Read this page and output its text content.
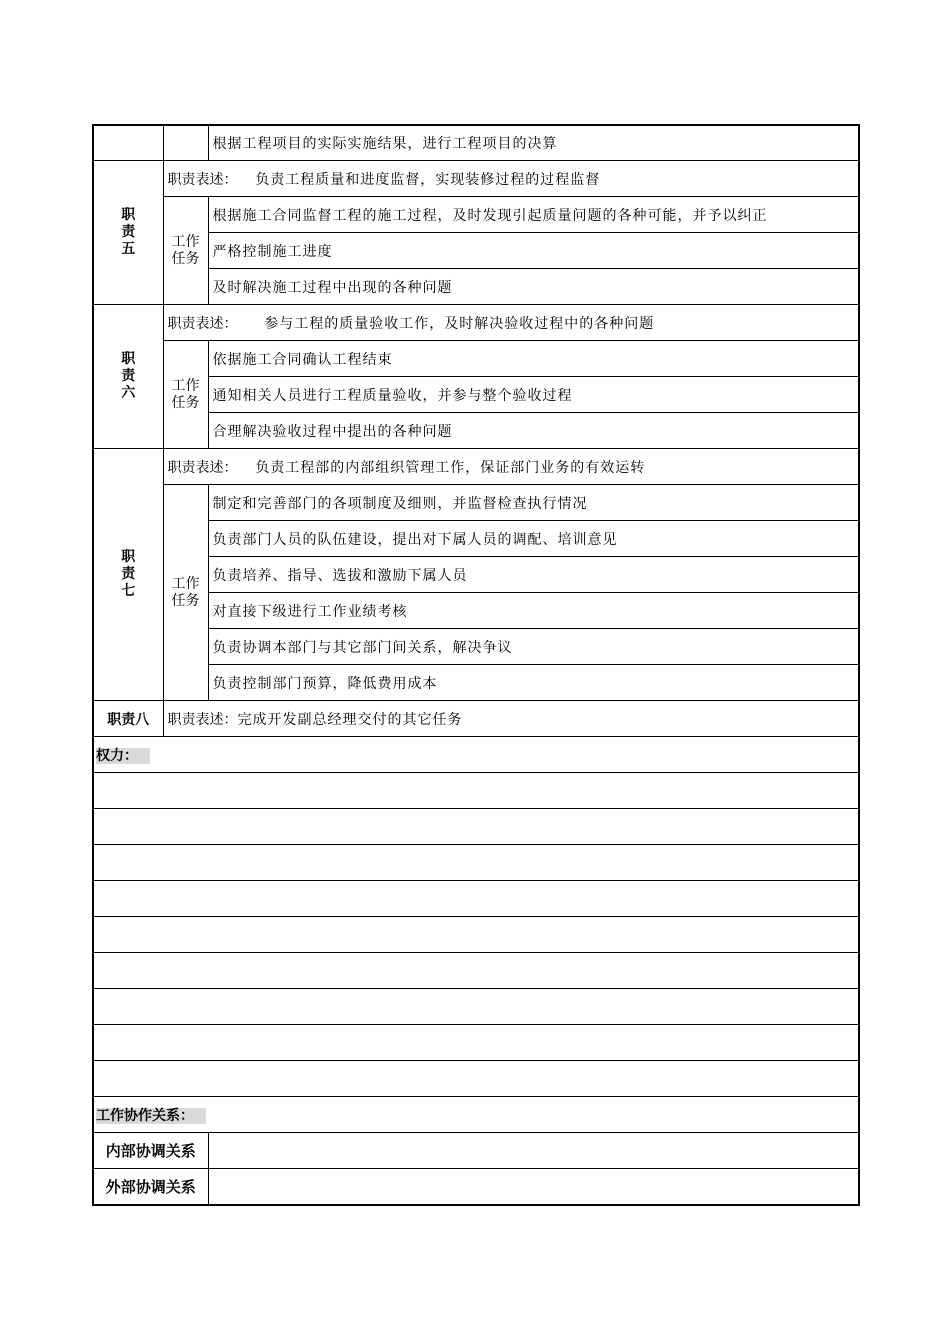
		根据工程项目的实际实施结果，进行工程项目的决算
职责五	职责表述： 负责工程质量和进度监督，实现装修过程的过程监督	
	工作任务	根据施工合同监督工程的施工过程，及时发现引起质量问题的各种可能，并予以纠正
		严格控制施工进度
		及时解决施工过程中出现的各种问题
职责六	职责表述： 参与工程的质量验收工作，及时解决验收过程中的各种问题	
	工作任务	依据施工合同确认工程结束
		通知相关人员进行工程质量验收，并参与整个验收过程
		合理解决验收过程中提出的各种问题
职责七	职责表述： 负责工程部的内部组织管理工作，保证部门业务的有效运转	
	工作任务	制定和完善部门的各项制度及细则，并监督检查执行情况
		负责部门人员的队伍建设，提出对下属人员的调配、培训意见
		负责培养、指导、选拔和激励下属人员
		对直接下级进行工作业绩考核
		负责协调本部门与其它部门间关系，解决争议
		负责控制部门预算，降低费用成本
职责八	职责表述：完成开发副总经理交付的其它任务	
权力：		

工作协作关系：		
内部协调关系		
外部协调关系		
